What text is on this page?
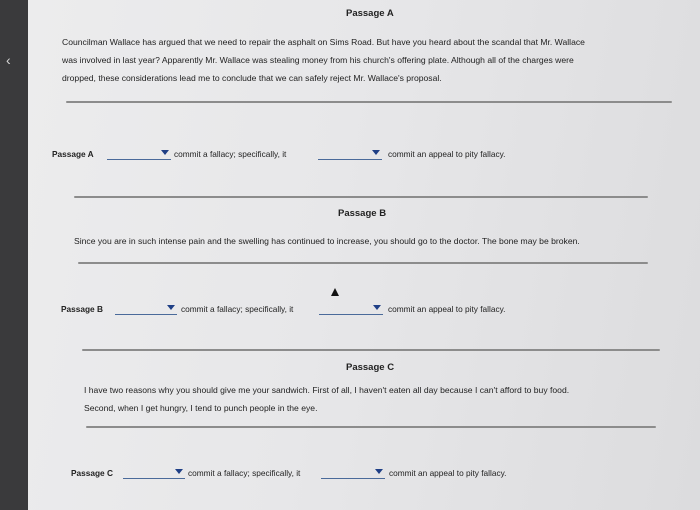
Passage A
Councilman Wallace has argued that we need to repair the asphalt on Sims Road. But have you heard about the scandal that Mr. Wallace
was involved in last year? Apparently Mr. Wallace was stealing money from his church's offering plate. Although all of the charges were
dropped, these considerations lead me to conclude that we can safely reject Mr. Wallace's proposal.
Passage A	commit a fallacy; specifically, it	commit an appeal to pity fallacy.
Passage B
Since you are in such intense pain and the swelling has continued to increase, you should go to the doctor. The bone may be broken.
Passage B	commit a fallacy; specifically, it	commit an appeal to pity fallacy.
Passage C
I have two reasons why you should give me your sandwich. First of all, I haven't eaten all day because I can't afford to buy food.
Second, when I get hungry, I tend to punch people in the eye.
Passage C	commit a fallacy; specifically, it	commit an appeal to pity fallacy.
‹
